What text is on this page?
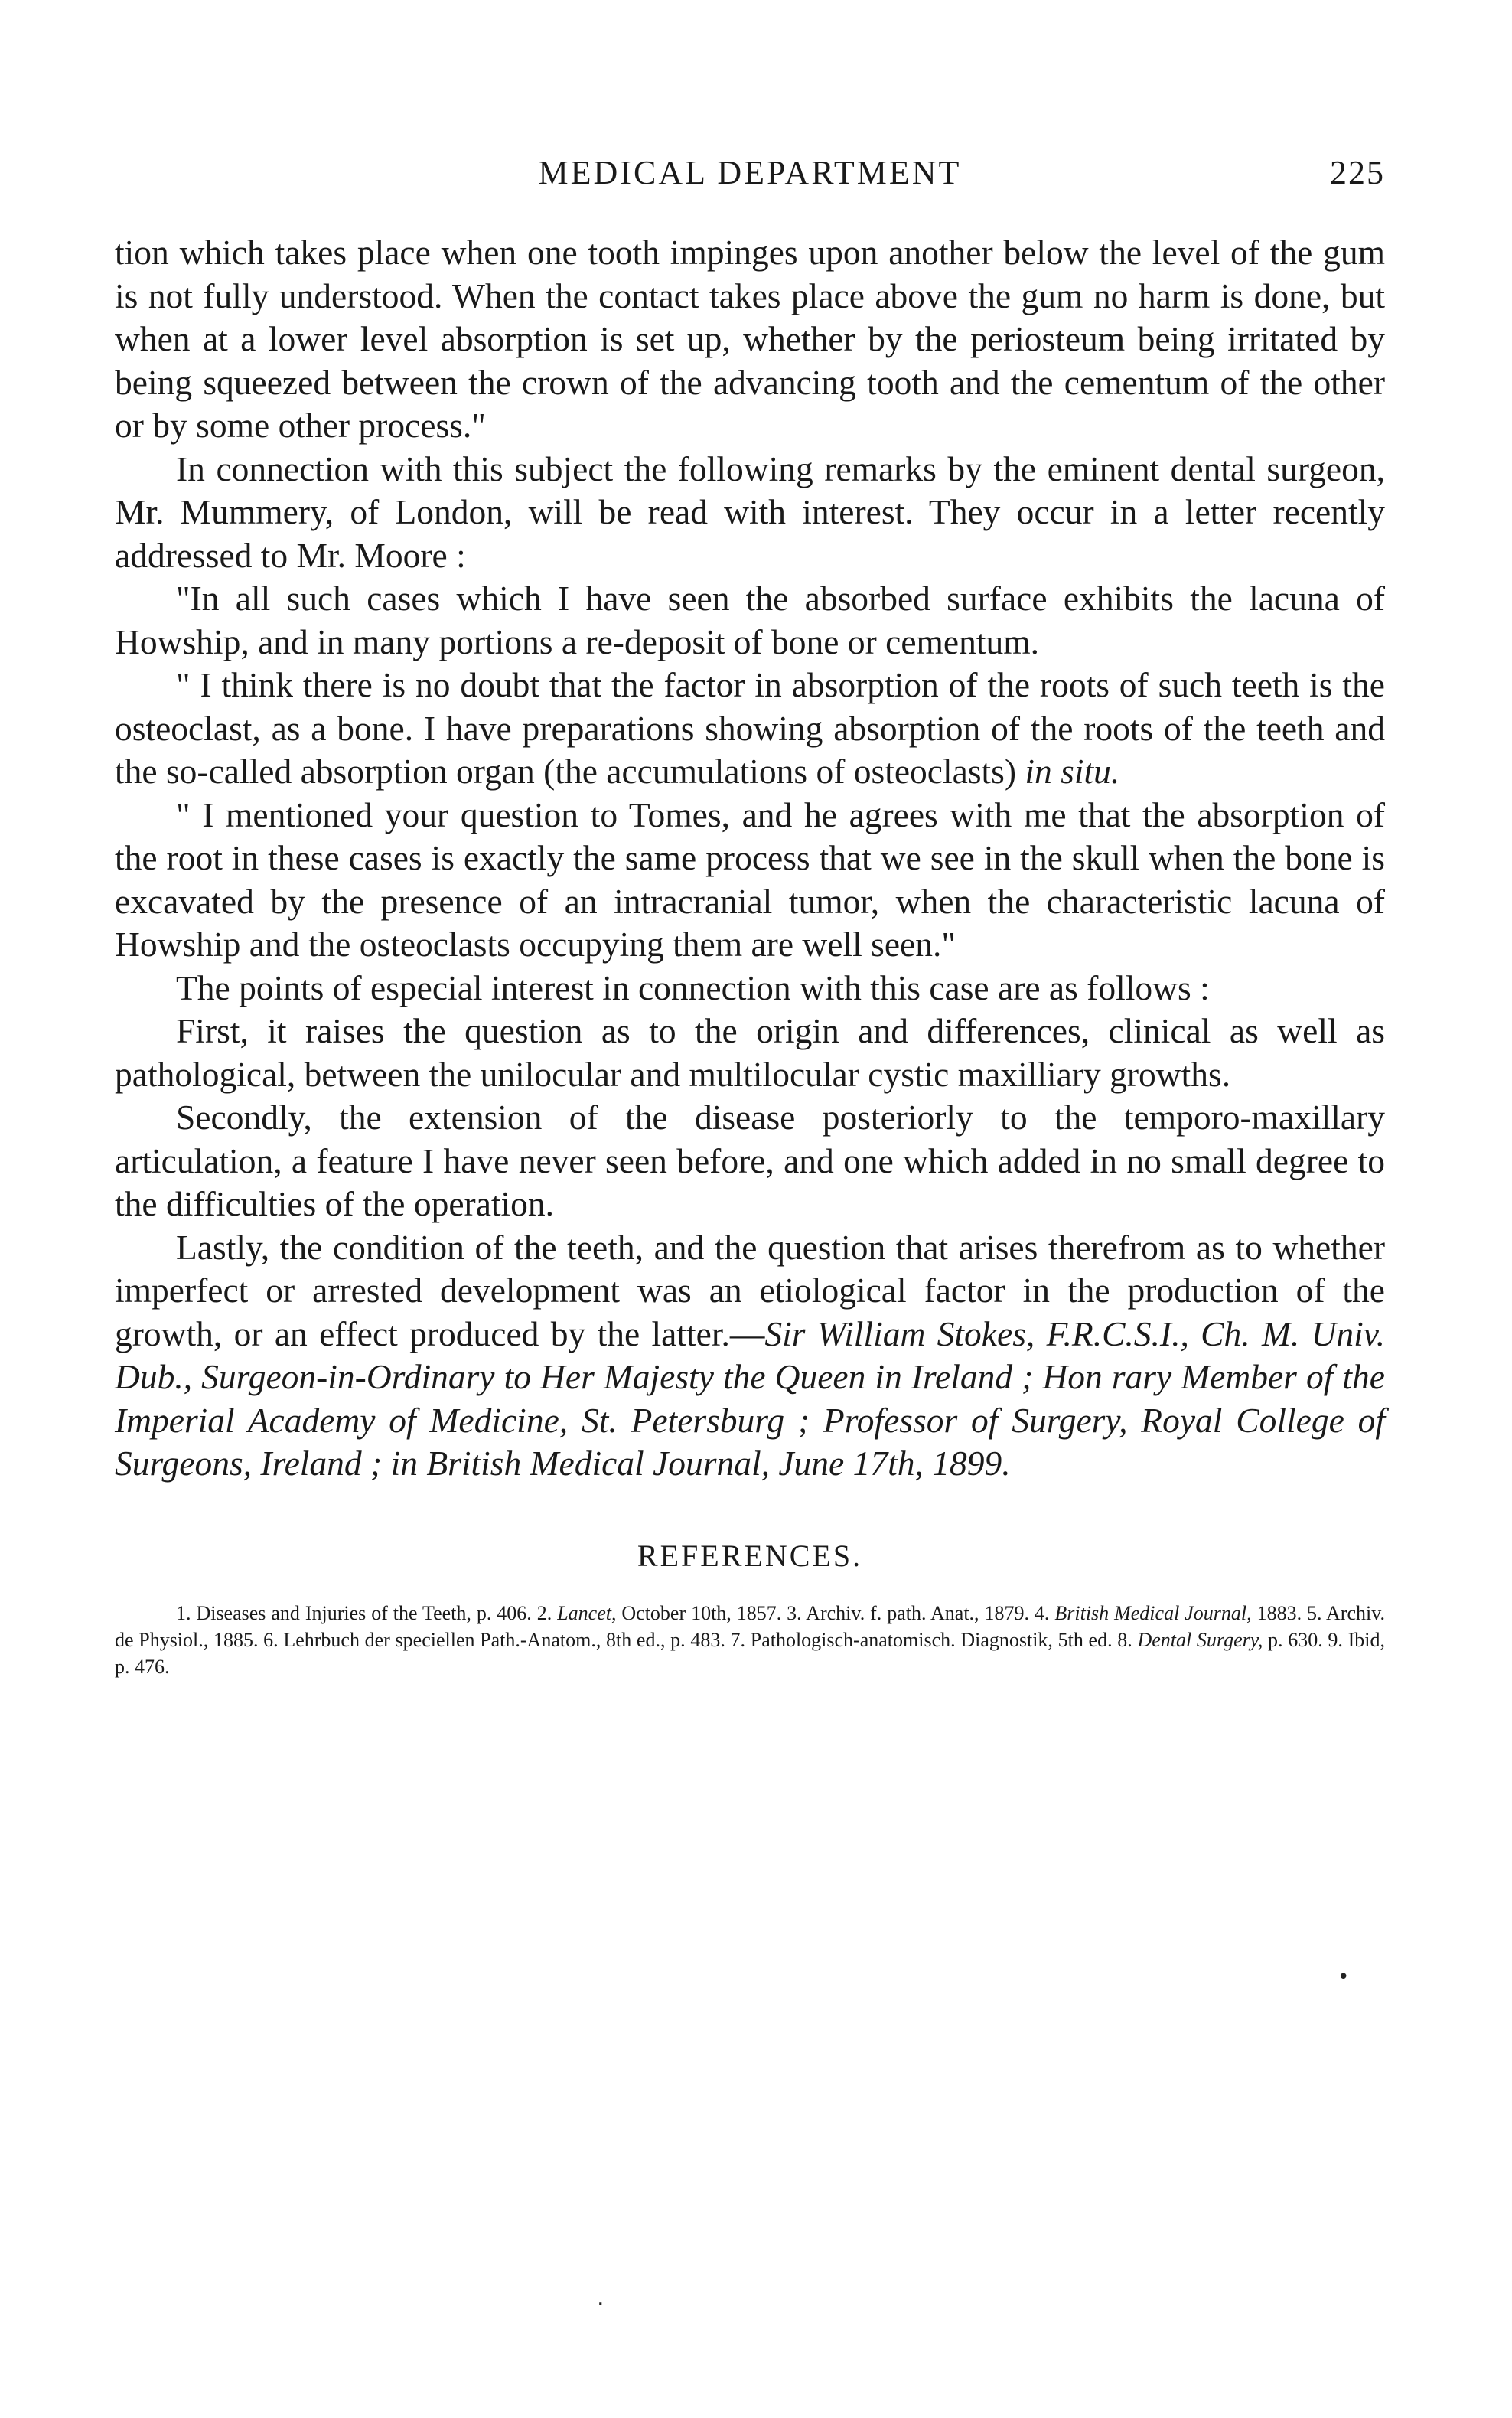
MEDICAL DEPARTMENT	225

tion which takes place when one tooth impinges upon another below the level of the gum is not fully understood. When the contact takes place above the gum no harm is done, but when at a lower level absorption is set up, whether by the periosteum being irritated by being squeezed between the crown of the advancing tooth and the cementum of the other or by some other process."

In connection with this subject the following remarks by the eminent dental surgeon, Mr. Mummery, of London, will be read with interest. They occur in a letter recently addressed to Mr. Moore :

"In all such cases which I have seen the absorbed surface exhibits the lacuna of Howship, and in many portions a re-deposit of bone or cementum.

" I think there is no doubt that the factor in absorption of the roots of such teeth is the osteoclast, as a bone. I have preparations showing absorption of the roots of the teeth and the so-called absorption organ (the accumulations of osteoclasts) in situ.

" I mentioned your question to Tomes, and he agrees with me that the absorption of the root in these cases is exactly the same process that we see in the skull when the bone is excavated by the presence of an intracranial tumor, when the characteristic lacuna of Howship and the osteoclasts occupying them are well seen."

The points of especial interest in connection with this case are as follows :

First, it raises the question as to the origin and differences, clinical as well as pathological, between the unilocular and multilocular cystic maxilliary growths.

Secondly, the extension of the disease posteriorly to the temporo-maxillary articulation, a feature I have never seen before, and one which added in no small degree to the difficulties of the operation.

Lastly, the condition of the teeth, and the question that arises therefrom as to whether imperfect or arrested development was an etiological factor in the production of the growth, or an effect produced by the latter.—Sir William Stokes, F.R.C.S.I., Ch. M. Univ. Dub., Surgeon-in-Ordinary to Her Majesty the Queen in Ireland ; Hon rary Member of the Imperial Academy of Medicine, St. Petersburg ; Professor of Surgery, Royal College of Surgeons, Ireland ; in British Medical Journal, June 17th, 1899.

REFERENCES.

1. Diseases and Injuries of the Teeth, p. 406. 2. Lancet, October 10th, 1857. 3. Archiv. f. path. Anat., 1879. 4. British Medical Journal, 1883. 5. Archiv. de Physiol., 1885. 6. Lehrbuch der speciellen Path.-Anatom., 8th ed., p. 483. 7. Pathologisch-anatomisch. Diagnostik, 5th ed. 8. Dental Surgery, p. 630. 9. Ibid, p. 476.

•
.
